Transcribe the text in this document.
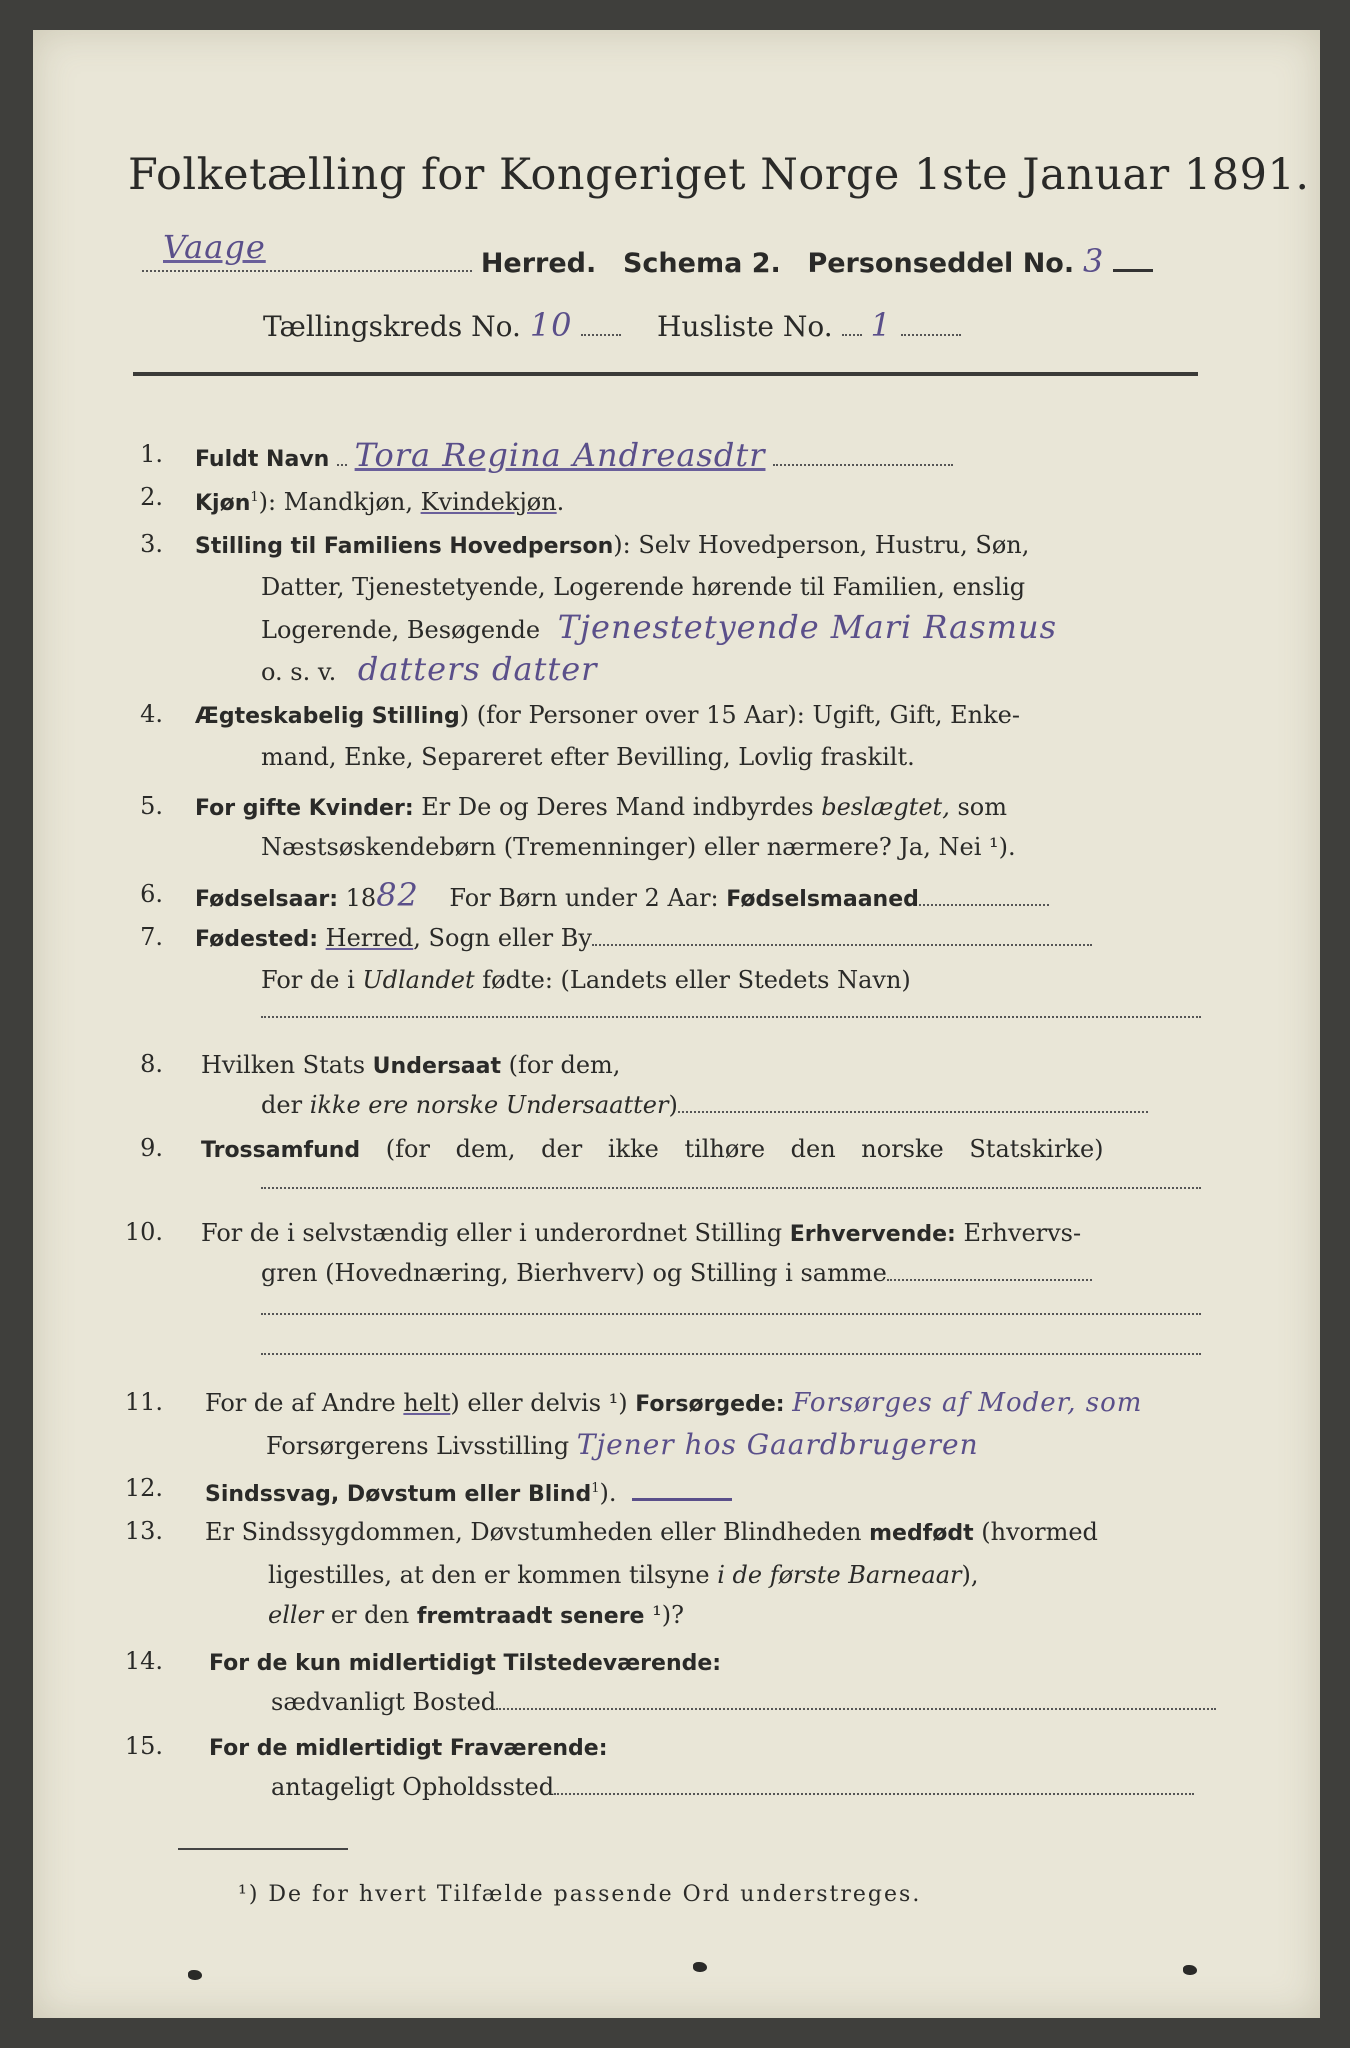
Folketælling for Kongeriget Norge 1ste Januar 1891.

Vaage	Herred. Schema 2. Personseddel No. 3
Tællingskreds No. 10	Husliste No. 1
1. Fuldt Navn Tora Regina Andreasdtr
2. Kjøn$^1$): Mandkjøn, Kvindekjøn.
3. Stilling til Familiens Hovedperson): Selv Hovedperson, Hustru, Søn,
Datter, Tjenestetyende, Logerende hørende til Familien, enslig
Logerende, Besøgende Tjenestetyende Mari Rasmus
o. s. v. datters datter
4. Ægteskabelig Stilling) (for Personer over 15 Aar): Ugift, Gift, Enke-
mand, Enke, Separeret efter Bevilling, Lovlig fraskilt.
5. For gifte Kvinder: Er De og Deres Mand indbyrdes beslægtet, som
Næstsøskendebørn (Tremenninger) eller nærmere? Ja, Nei ¹).
6. Fødselsaar: 1882 For Børn under 2 Aar: Fødselsmaaned
7. Fødested: Herred, Sogn eller By
For de i Udlandet fødte: (Landets eller Stedets Navn)
8. Hvilken Stats Undersaat (for dem,
der ikke ere norske Undersaatter)
9. Trossamfund (for dem, der ikke tilhøre den norske Statskirke)
10. For de i selvstændig eller i underordnet Stilling Erhvervende: Erhvervs-
gren (Hovednæring, Bierhverv) og Stilling i samme
11. For de af Andre helt) eller delvis ¹) Forsørgede: Forsørges af Moder, som
Forsørgerens Livsstilling Tjener hos Gaardbrugeren
12. Sindssvag, Døvstum eller Blind$^1$).
13. Er Sindssygdommen, Døvstumheden eller Blindheden medfødt (hvormed
ligestilles, at den er kommen tilsyne i de første Barneaar),
eller er den fremtraadt senere ¹)?
14. For de kun midlertidigt Tilstedeværende:
sædvanligt Bosted
15. For de midlertidigt Fraværende:
antageligt Opholdssted
¹) De for hvert Tilfælde passende Ord understreges.
